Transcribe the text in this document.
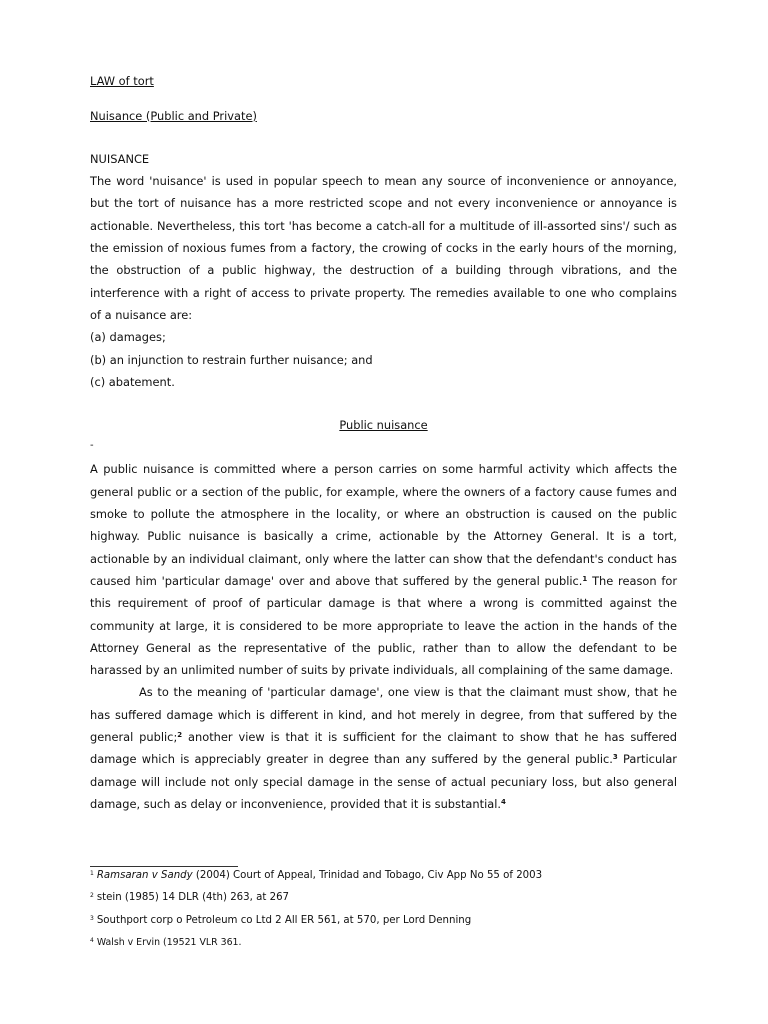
LAW of tort

Nuisance (Public and Private)

NUISANCE

The word 'nuisance' is used in popular speech to mean any source of inconvenience or annoyance, but the tort of nuisance has a more restricted scope and not every inconvenience or annoyance is actionable. Nevertheless, this tort 'has become a catch-all for a multitude of ill-assorted sins'/ such as the emission of noxious fumes from a factory, the crowing of cocks in the early hours of the morning, the obstruction of a public highway, the destruction of a building through vibrations, and the interference with a right of access to private property. The remedies available to one who complains of a nuisance are:

(a) damages;

(b) an injunction to restrain further nuisance; and

(c) abatement.

Public nuisance

-

A public nuisance is committed where a person carries on some harmful activity which affects the general public or a section of the public, for example, where the owners of a factory cause fumes and smoke to pollute the atmosphere in the locality, or where an obstruction is caused on the public highway. Public nuisance is basically a crime, actionable by the Attorney General. It is a tort, actionable by an individual claimant, only where the latter can show that the defendant's conduct has caused him 'particular damage' over and above that suffered by the general public.$^1$ The reason for this requirement of proof of particular damage is that where a wrong is committed against the community at large, it is considered to be more appropriate to leave the action in the hands of the Attorney General as the representative of the public, rather than to allow the defendant to be harassed by an unlimited number of suits by private individuals, all complaining of the same damage.

As to the meaning of 'particular damage', one view is that the claimant must show, that he has suffered damage which is different in kind, and hot merely in degree, from that suffered by the general public;$^2$ another view is that it is sufficient for the claimant to show that he has suffered damage which is appreciably greater in degree than any suffered by the general public.$^3$ Particular damage will include not only special damage in the sense of actual pecuniary loss, but also general damage, such as delay or inconvenience, provided that it is substantial.$^4$

$^1$ Ramsaran v Sandy (2004) Court of Appeal, Trinidad and Tobago, Civ App No 55 of 2003
$^2$ stein (1985) 14 DLR (4th) 263, at 267
$^3$ Southport corp o Petroleum co Ltd 2 All ER 561, at 570, per Lord Denning
$^4$ Walsh v Ervin (19521 VLR 361.
